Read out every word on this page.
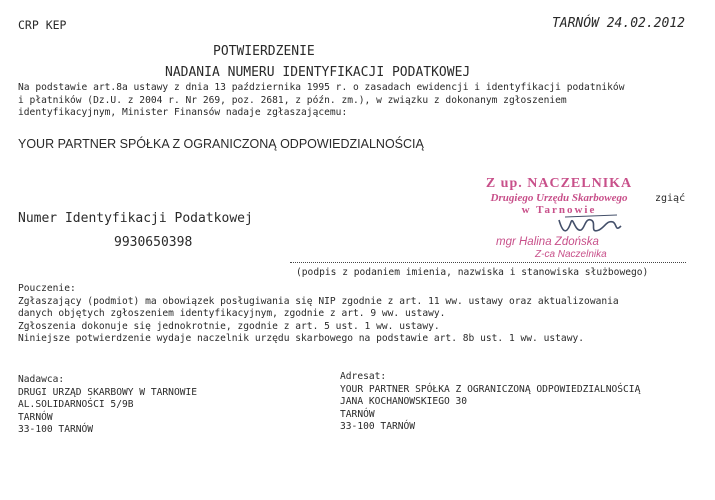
CRP KEP	TARNÓW 24.02.2012
POTWIERDZENIE
NADANIA NUMERU IDENTYFIKACJI PODATKOWEJ
Na podstawie art.8a ustawy z dnia 13 października 1995 r. o zasadach ewidencji i identyfikacji podatników
i płatników (Dz.U. z 2004 r. Nr 269, poz. 2681, z późn. zm.), w związku z dokonanym zgłoszeniem
identyfikacyjnym, Minister Finansów nadaje zgłaszającemu:
YOUR PARTNER SPÓŁKA Z OGRANICZONĄ ODPOWIEDZIALNOŚCIĄ
Numer Identyfikacji Podatkowej
9930650398
Z up. NACZELNIKA
Drugiego Urzędu Skarbowego
w Tarnowie
zgiąć
mgr Halina Zdońska
Z-ca Naczelnika
(podpis z podaniem imienia, nazwiska i stanowiska służbowego)
Pouczenie:
Zgłaszający (podmiot) ma obowiązek posługiwania się NIP zgodnie z art. 11 ww. ustawy oraz aktualizowania
danych objętych zgłoszeniem identyfikacyjnym, zgodnie z art. 9 ww. ustawy.
Zgłoszenia dokonuje się jednokrotnie, zgodnie z art. 5 ust. 1 ww. ustawy.
Niniejsze potwierdzenie wydaje naczelnik urzędu skarbowego na podstawie art. 8b ust. 1 ww. ustawy.
Nadawca:
DRUGI URZĄD SKARBOWY W TARNOWIE
AL.SOLIDARNOŚCI 5/9B
TARNÓW
33-100 TARNÓW
Adresat:
YOUR PARTNER SPÓŁKA Z OGRANICZONĄ ODPOWIEDZIALNOŚCIĄ
JANA KOCHANOWSKIEGO 30
TARNÓW
33-100 TARNÓW
